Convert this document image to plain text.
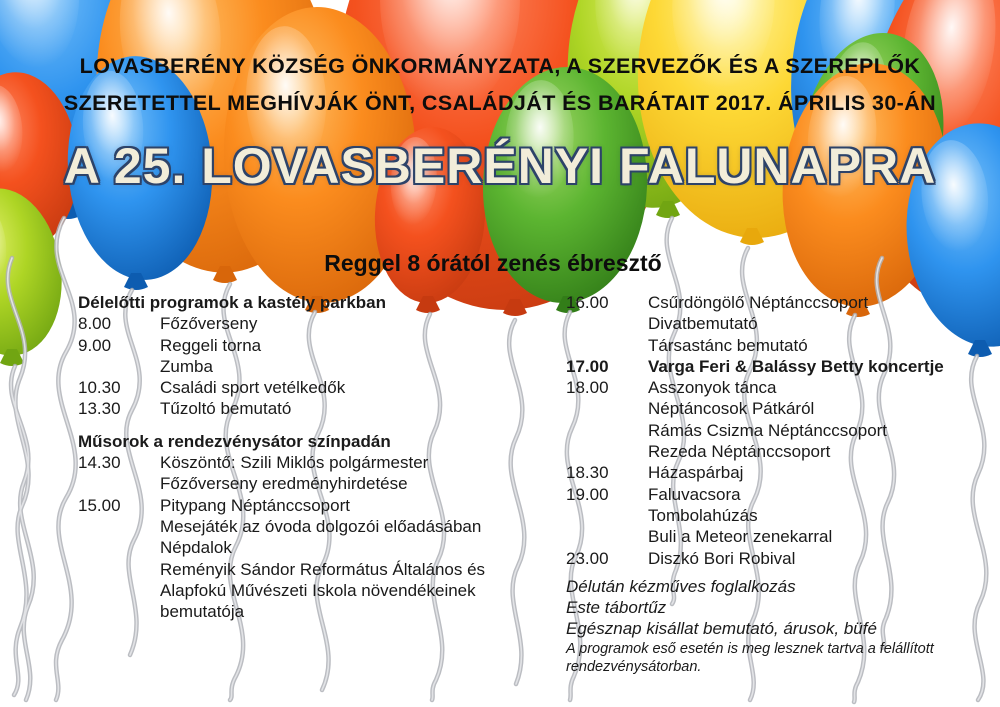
LOVASBERÉNY KÖZSÉG ÖNKORMÁNYZATA, A SZERVEZŐK ÉS A SZEREPLŐK
SZERETETTEL MEGHÍVJÁK ÖNT, CSALÁDJÁT ÉS BARÁTAIT 2017. ÁPRILIS 30-ÁN
A 25. LOVASBERÉNYI FALUNAPRA
Reggel 8 órától zenés ébresztő
Délelőtti programok a kastély parkban
8.00	Főzőverseny
9.00	Reggeli torna
Zumba
10.30	Családi sport vetélkedők
13.30	Tűzoltó bemutató
Műsorok a rendezvénysátor színpadán
14.30	Köszöntő: Szili Miklós polgármester
Főzőverseny eredményhirdetése
15.00	Pitypang Néptánccsoport
Mesejáték az óvoda dolgozói előadásában
Népdalok
Reményik Sándor Református Általános és
Alapfokú Művészeti Iskola növendékeinek
bemutatója
16.00	Csűrdöngölő Néptánccsoport
Divatbemutató
Társastánc bemutató
17.00	Varga Feri & Balássy Betty koncertje
18.00	Asszonyok tánca
Néptáncosok Pátkáról
Rámás Csizma Néptánccsoport
Rezeda Néptánccsoport
18.30	Házaspárbaj
19.00	Faluvacsora
Tombolahúzás
Buli a Meteor zenekarral
23.00	Diszkó Bori Robival
Délután kézműves foglalkozás
Este tábortűz
Egésznap kisállat bemutató, árusok, büfé
A programok eső esetén is meg lesznek tartva a felállított rendezvénysátorban.
